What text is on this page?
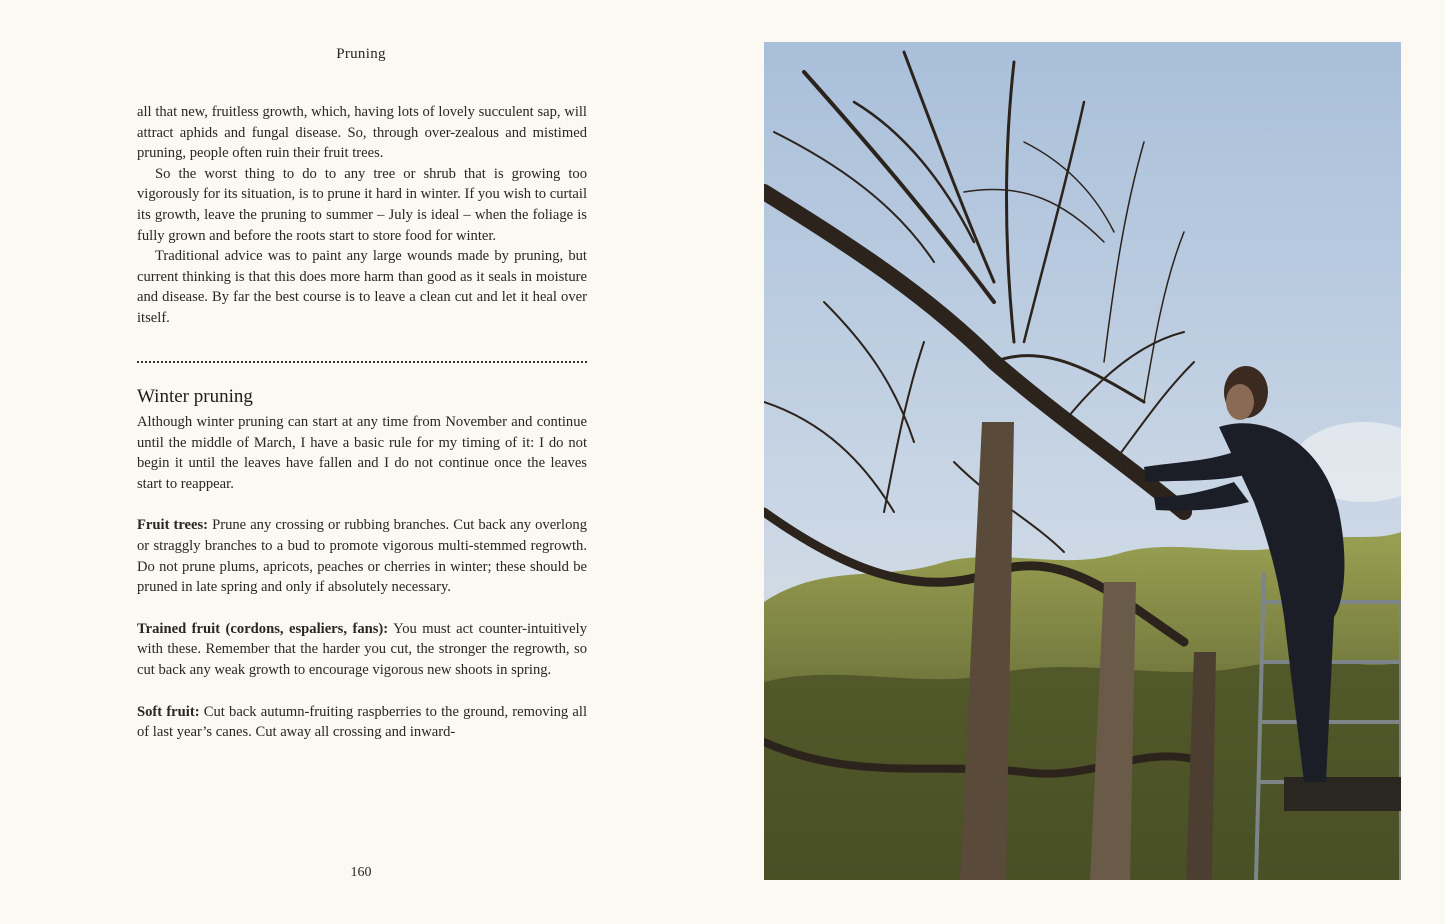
Pruning

all that new, fruitless growth, which, having lots of lovely succulent sap, will attract aphids and fungal disease. So, through over-zealous and mistimed pruning, people often ruin their fruit trees.

So the worst thing to do to any tree or shrub that is growing too vigorously for its situation, is to prune it hard in winter. If you wish to curtail its growth, leave the pruning to summer – July is ideal – when the foliage is fully grown and before the roots start to store food for winter.

Traditional advice was to paint any large wounds made by pruning, but current thinking is that this does more harm than good as it seals in moisture and disease. By far the best course is to leave a clean cut and let it heal over itself.

Winter pruning

Although winter pruning can start at any time from November and continue until the middle of March, I have a basic rule for my timing of it: I do not begin it until the leaves have fallen and I do not continue once the leaves start to reappear.

Fruit trees: Prune any crossing or rubbing branches. Cut back any overlong or straggly branches to a bud to promote vigorous multi-stemmed regrowth. Do not prune plums, apricots, peaches or cherries in winter; these should be pruned in late spring and only if absolutely necessary.

Trained fruit (cordons, espaliers, fans): You must act counter-intuitively with these. Remember that the harder you cut, the stronger the regrowth, so cut back any weak growth to encourage vigorous new shoots in spring.

Soft fruit: Cut back autumn-fruiting raspberries to the ground, removing all of last year’s canes. Cut away all crossing and inward-

160
